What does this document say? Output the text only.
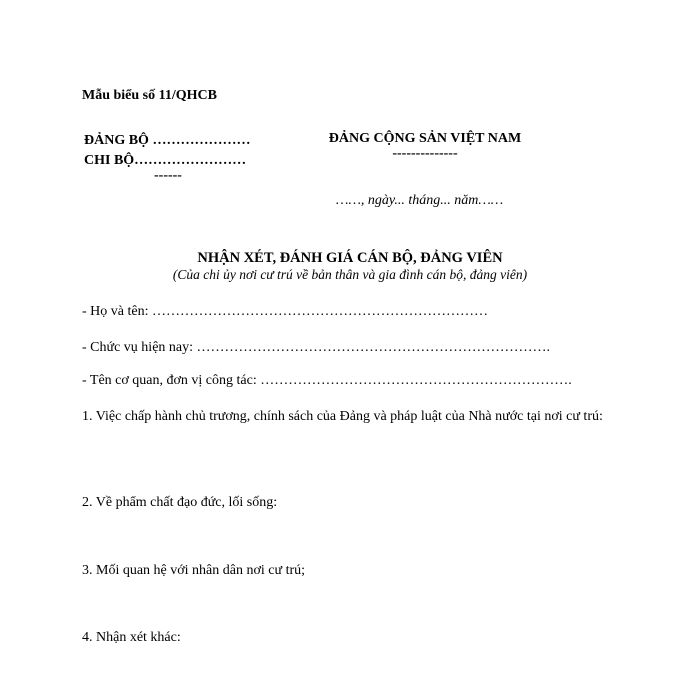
Mẫu biểu số 11/QHCB
ĐẢNG BỘ …………………
CHI BỘ……………………
------
ĐẢNG CỘNG SẢN VIỆT NAM
--------------
……, ngày... tháng... năm……
NHẬN XÉT, ĐÁNH GIÁ CÁN BỘ, ĐẢNG VIÊN
(Của chi ủy nơi cư trú về bản thân và gia đình cán bộ, đảng viên)
- Họ và tên: ………………………………………………………………
- Chức vụ hiện nay: ………………………………………………………………….
- Tên cơ quan, đơn vị công tác: ………………………………………………………….
1. Việc chấp hành chủ trương, chính sách của Đảng và pháp luật của Nhà nước tại nơi cư trú:
2. Về phẩm chất đạo đức, lối sống:
3. Mối quan hệ với nhân dân nơi cư trú;
4. Nhận xét khác:
